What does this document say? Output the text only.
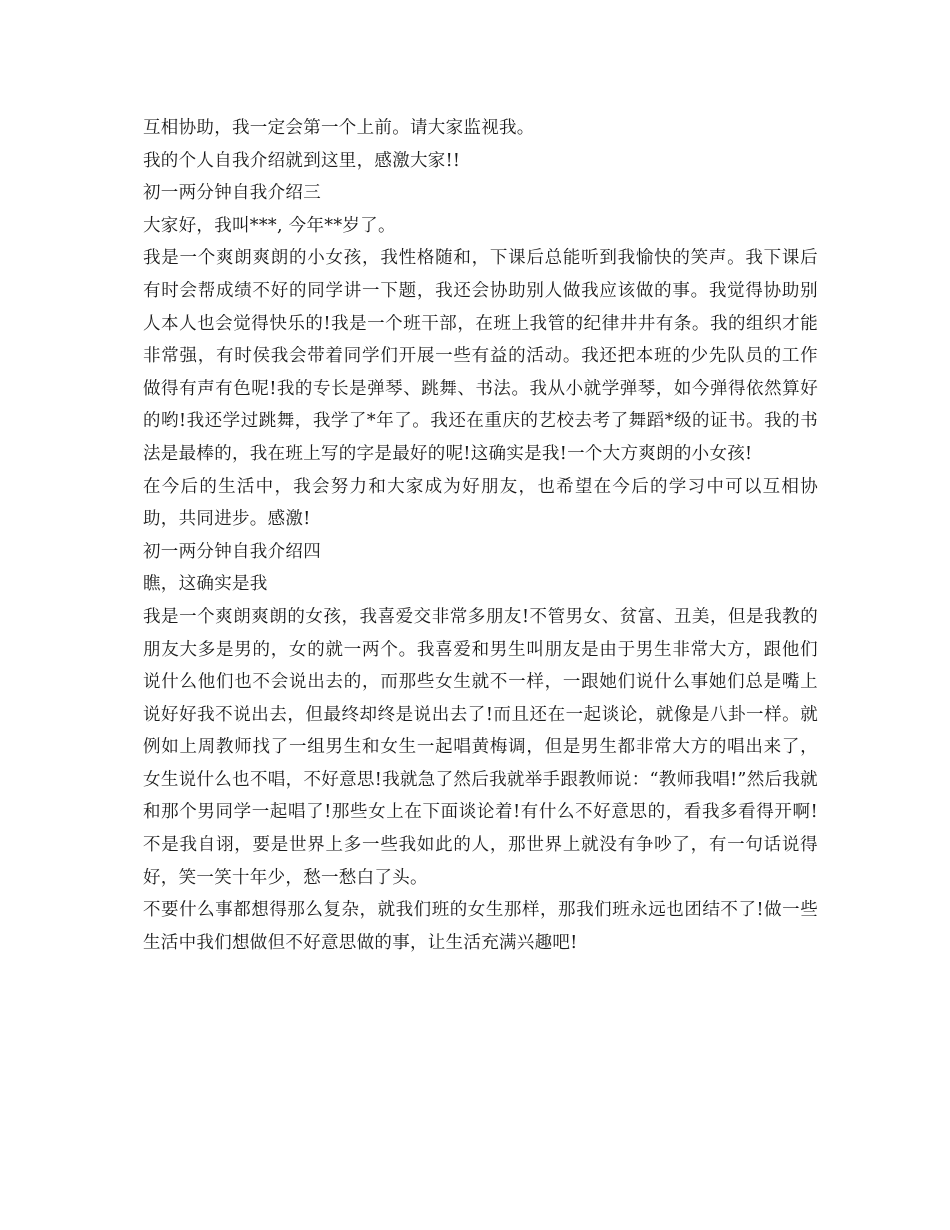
互相协助，我一定会第一个上前。请大家监视我。

我的个人自我介绍就到这里，感激大家!!

初一两分钟自我介绍三

大家好，我叫***, 今年**岁了。

我是一个爽朗爽朗的小女孩，我性格随和，下课后总能听到我愉快的笑声。我下课后有时会帮成绩不好的同学讲一下题，我还会协助别人做我应该做的事。我觉得协助别人本人也会觉得快乐的!我是一个班干部，在班上我管的纪律井井有条。我的组织才能非常强，有时侯我会带着同学们开展一些有益的活动。我还把本班的少先队员的工作做得有声有色呢!我的专长是弹琴、跳舞、书法。我从小就学弹琴，如今弹得依然算好的哟!我还学过跳舞，我学了*年了。我还在重庆的艺校去考了舞蹈*级的证书。我的书法是最棒的，我在班上写的字是最好的呢!这确实是我!一个大方爽朗的小女孩!

在今后的生活中，我会努力和大家成为好朋友，也希望在今后的学习中可以互相协助，共同进步。感激!

初一两分钟自我介绍四

瞧，这确实是我

我是一个爽朗爽朗的女孩，我喜爱交非常多朋友!不管男女、贫富、丑美，但是我教的朋友大多是男的，女的就一两个。我喜爱和男生叫朋友是由于男生非常大方，跟他们说什么他们也不会说出去的，而那些女生就不一样，一跟她们说什么事她们总是嘴上说好好我不说出去，但最终却终是说出去了!而且还在一起谈论，就像是八卦一样。就例如上周教师找了一组男生和女生一起唱黄梅调，但是男生都非常大方的唱出来了，女生说什么也不唱，不好意思!我就急了然后我就举手跟教师说：“教师我唱!”然后我就和那个男同学一起唱了!那些女上在下面谈论着!有什么不好意思的，看我多看得开啊!不是我自诩，要是世界上多一些我如此的人，那世界上就没有争吵了，有一句话说得好，笑一笑十年少，愁一愁白了头。

不要什么事都想得那么复杂，就我们班的女生那样，那我们班永远也团结不了!做一些生活中我们想做但不好意思做的事，让生活充满兴趣吧!
